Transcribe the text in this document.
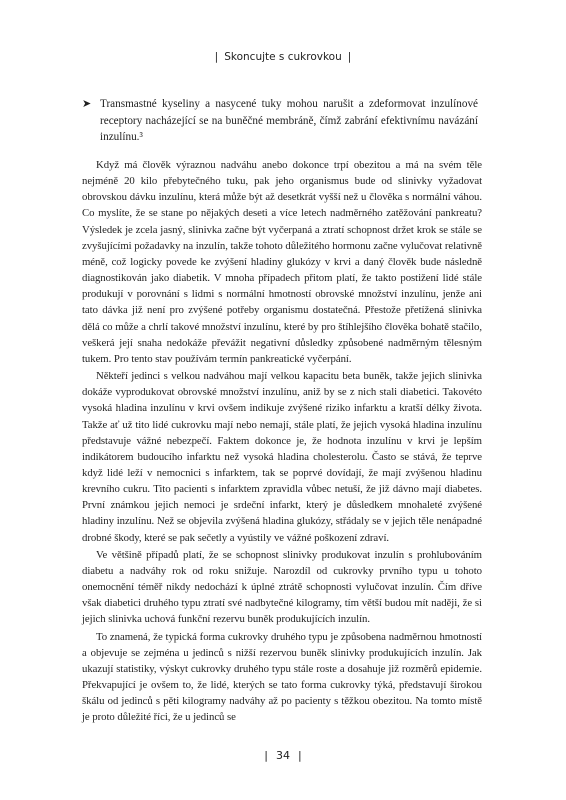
| Skoncujte s cukrovkou |
➤ Transmastné kyseliny a nasycené tuky mohou narušit a zdeformovat inzulínové receptory nacházející se na buněčné membráně, čímž zabrání efektivnímu navázání inzulínu.³

Když má člověk výraznou nadváhu anebo dokonce trpí obezitou a má na svém těle nejméně 20 kilo přebytečného tuku, pak jeho organismus bude od slinivky vyžadovat obrovskou dávku inzulínu, která může být až desetkrát vyšší než u člověka s normální váhou. Co myslíte, že se stane po nějakých deseti a více letech nadměrného zatěžování pankreatu? Výsledek je zcela jasný, slinivka začne být vyčerpaná a ztratí schopnost držet krok se stále se zvyšujícími požadavky na inzulín, takže tohoto důležitého hormonu začne vylučovat relativně méně, což logicky povede ke zvýšení hladiny glukózy v krvi a daný člověk bude následně diagnostikován jako diabetik. V mnoha případech přitom platí, že takto postižení lidé stále produkují v porovnání s lidmi s normální hmotností obrovské množství inzulínu, jenže ani tato dávka již není pro zvýšené potřeby organismu dostatečná. Přestože přetížená slinivka dělá co může a chrlí takové množství inzulínu, které by pro štíhlejšího člověka bohatě stačilo, veškerá její snaha nedokáže převážit negativní důsledky způsobené nadměrným tělesným tukem. Pro tento stav používám termín pankreatické vyčerpání.

Někteří jedinci s velkou nadváhou mají velkou kapacitu beta buněk, takže jejich slinivka dokáže vyprodukovat obrovské množství inzulínu, aniž by se z nich stali diabetici. Takovéto vysoká hladina inzulínu v krvi ovšem indikuje zvýšené riziko infarktu a kratší délky života. Takže ať už tito lidé cukrovku mají nebo nemají, stále platí, že jejich vysoká hladina inzulínu představuje vážné nebezpečí. Faktem dokonce je, že hodnota inzulínu v krvi je lepším indikátorem budoucího infarktu než vysoká hladina cholesterolu. Často se stává, že teprve když lidé leží v nemocnici s infarktem, tak se poprvé dovídají, že mají zvýšenou hladinu krevního cukru. Tito pacienti s infarktem zpravidla vůbec netuší, že již dávno mají diabetes. První známkou jejich nemoci je srdeční infarkt, který je důsledkem mnohaleté zvýšené hladiny inzulínu. Než se objevila zvýšená hladina glukózy, střádaly se v jejich těle nenápadné drobné škody, které se pak sečetly a vyústily ve vážné poškození zdraví.

Ve většině případů platí, že se schopnost slinivky produkovat inzulín s prohlubováním diabetu a nadváhy rok od roku snižuje. Narozdíl od cukrovky prvního typu u tohoto onemocnění téměř nikdy nedochází k úplné ztrátě schopnosti vylučovat inzulín. Čím dříve však diabetici druhého typu ztratí své nadbytečné kilogramy, tím větší budou mít naději, že si jejich slinivka uchová funkční rezervu buněk produkujících inzulín.

To znamená, že typická forma cukrovky druhého typu je způsobena nadměrnou hmotností a objevuje se zejména u jedinců s nižší rezervou buněk slinivky produkujících inzulín. Jak ukazují statistiky, výskyt cukrovky druhého typu stále roste a dosahuje již rozměrů epidemie. Překvapující je ovšem to, že lidé, kterých se tato forma cukrovky týká, představují širokou škálu od jedinců s pěti kilogramy nadváhy až po pacienty s těžkou obezitou. Na tomto místě je proto důležité říci, že u jedinců se

| 34 |
